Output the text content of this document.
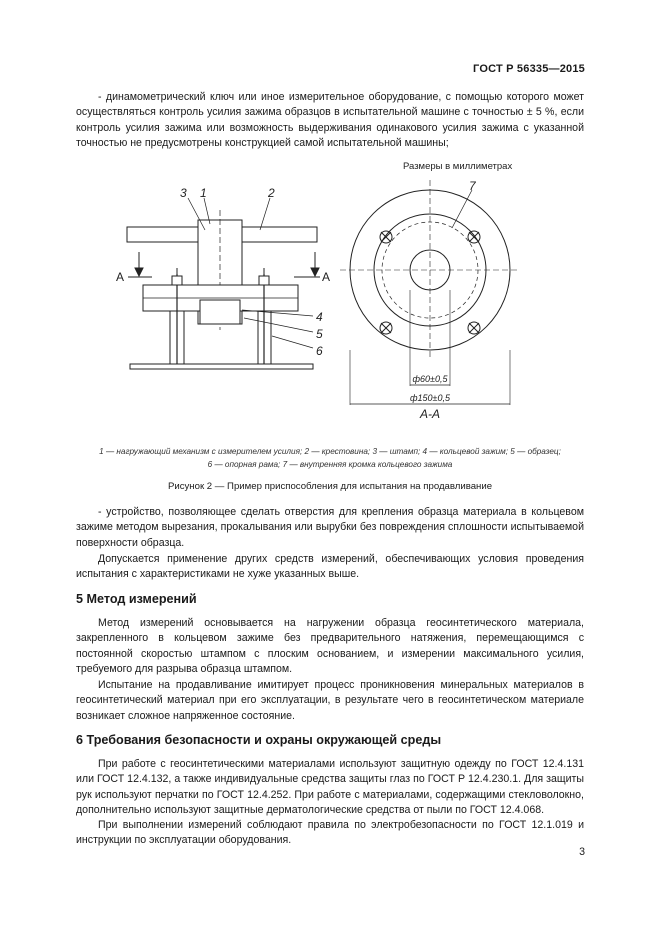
ГОСТ Р 56335—2015

- динамометрический ключ или иное измерительное оборудование, с помощью которого может осуществляться контроль усилия зажима образцов в испытательной машине с точностью ± 5 %, если контроль усилия зажима или возможность выдерживания одинакового усилия зажима с указанной точностью не предусмотрены конструкцией самой испытательной машины;

3 1	2
4
5
6
А	А
Размеры в миллиметрах
7
ф60±0,5
ф150±0,5
А-А
1 — нагружающий механизм с измерителем усилия; 2 — крестовина; 3 — штамп; 4 — кольцевой зажим; 5 — образец;
6 — опорная рама; 7 — внутренняя кромка кольцевого зажима
Рисунок 2 — Пример приспособления для испытания на продавливание

- устройство, позволяющее сделать отверстия для крепления образца материала в кольцевом зажиме методом вырезания, прокалывания или вырубки без повреждения сплошности испытываемой поверхности образца.

Допускается применение других средств измерений, обеспечивающих условия проведения испытания с характеристиками не хуже указанных выше.

5 Метод измерений

Метод измерений основывается на нагружении образца геосинтетического материала, закрепленного в кольцевом зажиме без предварительного натяжения, перемещающимся с постоянной скоростью штампом с плоским основанием, и измерении максимального усилия, требуемого для разрыва образца штампом.

Испытание на продавливание имитирует процесс проникновения минеральных материалов в геосинтетический материал при его эксплуатации, в результате чего в геосинтетическом материале возникает сложное напряженное состояние.

6 Требования безопасности и охраны окружающей среды

При работе с геосинтетическими материалами используют защитную одежду по ГОСТ 12.4.131 или ГОСТ 12.4.132, а также индивидуальные средства защиты глаз по ГОСТ Р 12.4.230.1. Для защиты рук используют перчатки по ГОСТ 12.4.252. При работе с материалами, содержащими стекловолокно, дополнительно используют защитные дерматологические средства от пыли по ГОСТ 12.4.068.

При выполнении измерений соблюдают правила по электробезопасности по ГОСТ 12.1.019 и инструкции по эксплуатации оборудования.

3
